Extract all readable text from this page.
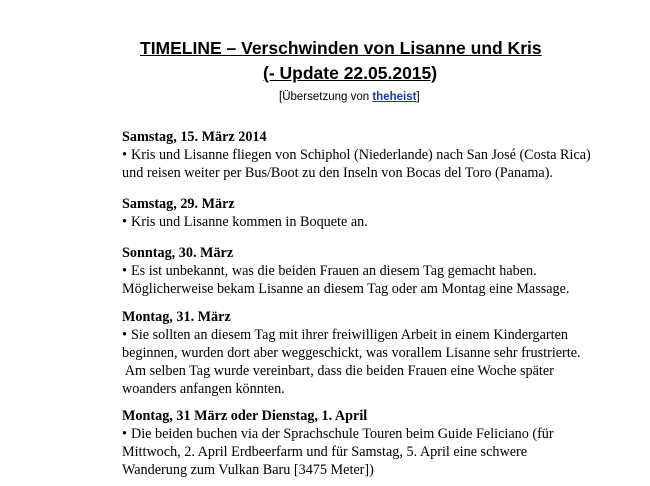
TIMELINE – Verschwinden von Lisanne und Kris
(- Update 22.05.2015)
[Übersetzung von theheist]
Samstag, 15. März 2014
• Kris und Lisanne fliegen von Schiphol (Niederlande) nach San José (Costa Rica)
und reisen weiter per Bus/Boot zu den Inseln von Bocas del Toro (Panama).
Samstag, 29. März
• Kris und Lisanne kommen in Boquete an.
Sonntag, 30. März
• Es ist unbekannt, was die beiden Frauen an diesem Tag gemacht haben.
Möglicherweise bekam Lisanne an diesem Tag oder am Montag eine Massage.
Montag, 31. März
• Sie sollten an diesem Tag mit ihrer freiwilligen Arbeit in einem Kindergarten
beginnen, wurden dort aber weggeschickt, was vorallem Lisanne sehr frustrierte.
Am selben Tag wurde vereinbart, dass die beiden Frauen eine Woche später
woanders anfangen könnten.
Montag, 31 März oder Dienstag, 1. April
• Die beiden buchen via der Sprachschule Touren beim Guide Feliciano (für
Mittwoch, 2. April Erdbeerfarm und für Samstag, 5. April eine schwere
Wanderung zum Vulkan Baru [3475 Meter])
